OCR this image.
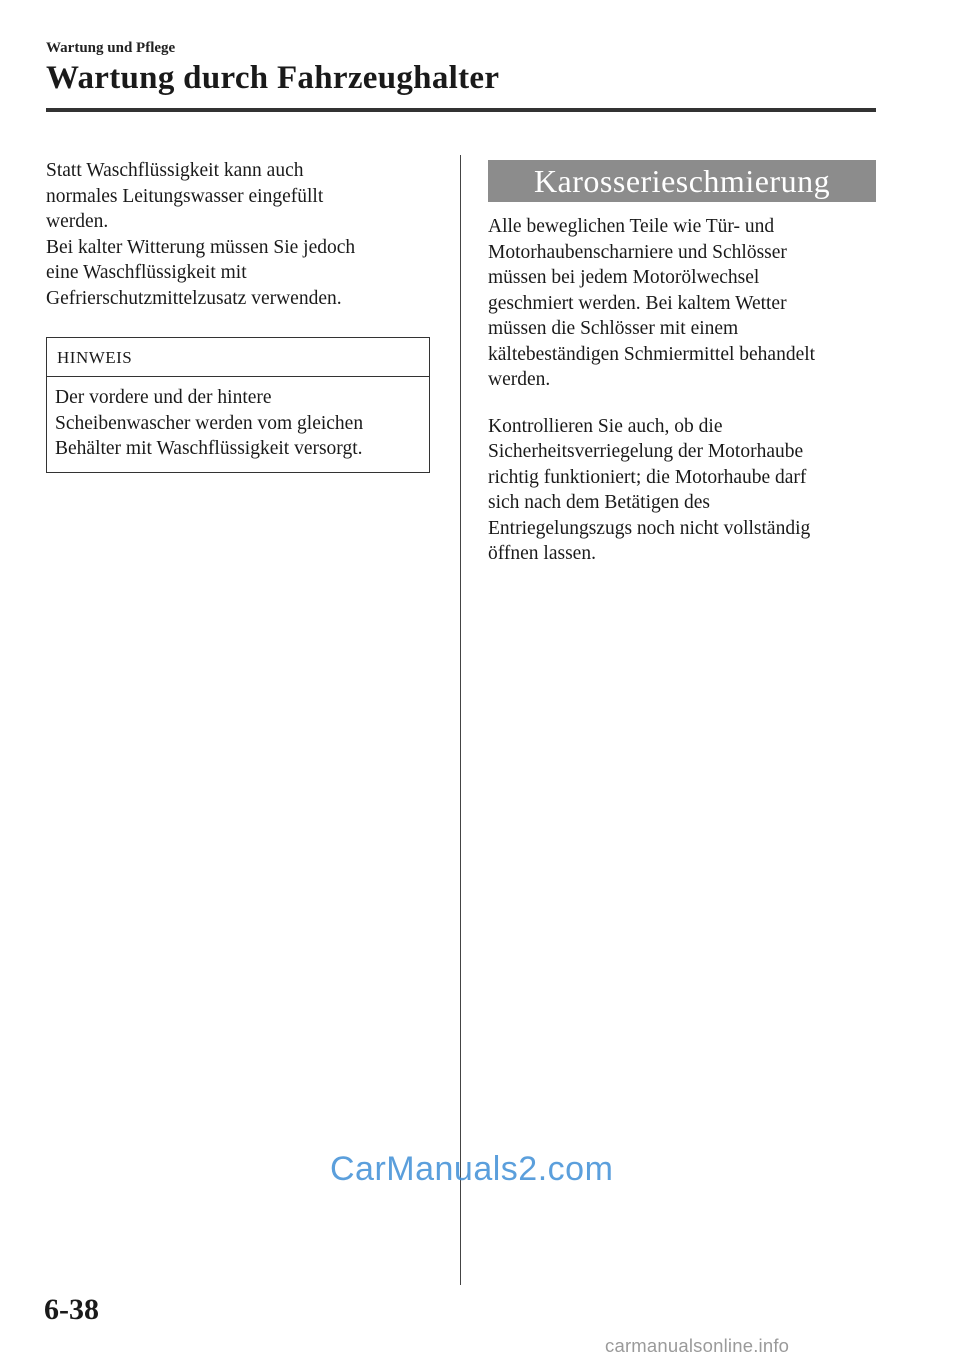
Wartung und Pflege
Wartung durch Fahrzeughalter

Statt Waschflüssigkeit kann auch
normales Leitungswasser eingefüllt
werden.
Bei kalter Witterung müssen Sie jedoch
eine Waschflüssigkeit mit
Gefrierschutzmittelzusatz verwenden.

HINWEIS

Der vordere und der hintere
Scheibenwascher werden vom gleichen
Behälter mit Waschflüssigkeit versorgt.

Karosserieschmierung

Alle beweglichen Teile wie Tür- und
Motorhaubenscharniere und Schlösser
müssen bei jedem Motorölwechsel
geschmiert werden. Bei kaltem Wetter
müssen die Schlösser mit einem
kältebeständigen Schmiermittel behandelt
werden.

Kontrollieren Sie auch, ob die
Sicherheitsverriegelung der Motorhaube
richtig funktioniert; die Motorhaube darf
sich nach dem Betätigen des
Entriegelungszugs noch nicht vollständig
öffnen lassen.

CarManuals2.com
6-38
carmanualsonline.info
